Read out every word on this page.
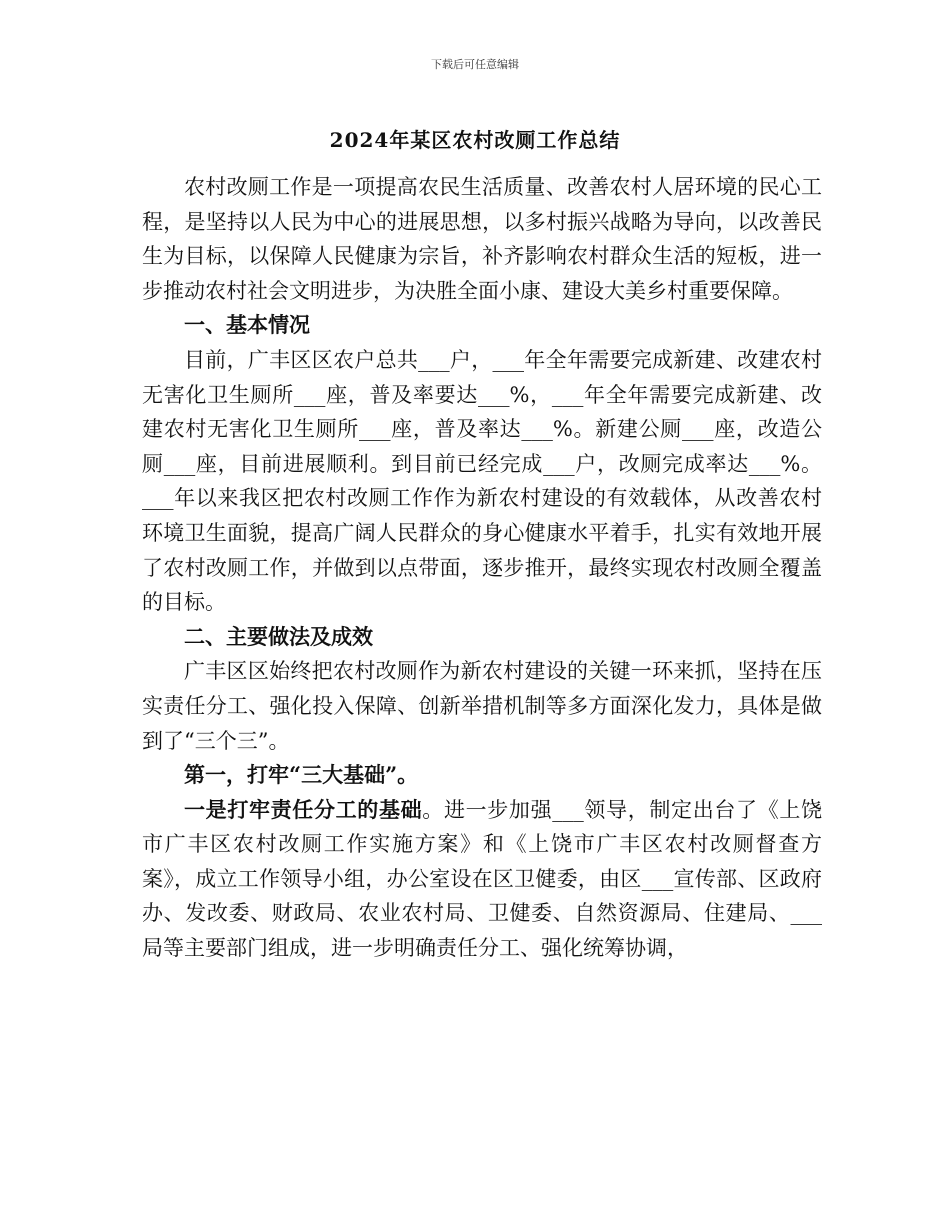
下载后可任意编辑
2024年某区农村改厕工作总结

农村改厕工作是一项提高农民生活质量、改善农村人居环境的民心工程，是坚持以人民为中心的进展思想，以多村振兴战略为导向，以改善民生为目标，以保障人民健康为宗旨，补齐影响农村群众生活的短板，进一步推动农村社会文明进步，为决胜全面小康、建设大美乡村重要保障。

一、基本情况

目前，广丰区区农户总共___户，___年全年需要完成新建、改建农村无害化卫生厕所___座，普及率要达___%，___年全年需要完成新建、改建农村无害化卫生厕所___座，普及率达___%。新建公厕___座，改造公厕___座，目前进展顺利。到目前已经完成___户，改厕完成率达___%。___年以来我区把农村改厕工作作为新农村建设的有效载体，从改善农村环境卫生面貌，提高广阔人民群众的身心健康水平着手，扎实有效地开展了农村改厕工作，并做到以点带面，逐步推开，最终实现农村改厕全覆盖的目标。

二、主要做法及成效

广丰区区始终把农村改厕作为新农村建设的关键一环来抓，坚持在压实责任分工、强化投入保障、创新举措机制等多方面深化发力，具体是做到了“三个三”。

第一，打牢“三大基础”。

一是打牢责任分工的基础。进一步加强___领导，制定出台了《上饶市广丰区农村改厕工作实施方案》和《上饶市广丰区农村改厕督查方案》，成立工作领导小组，办公室设在区卫健委，由区___宣传部、区政府办、发改委、财政局、农业农村局、卫健委、自然资源局、住建局、___局等主要部门组成，进一步明确责任分工、强化统筹协调，
